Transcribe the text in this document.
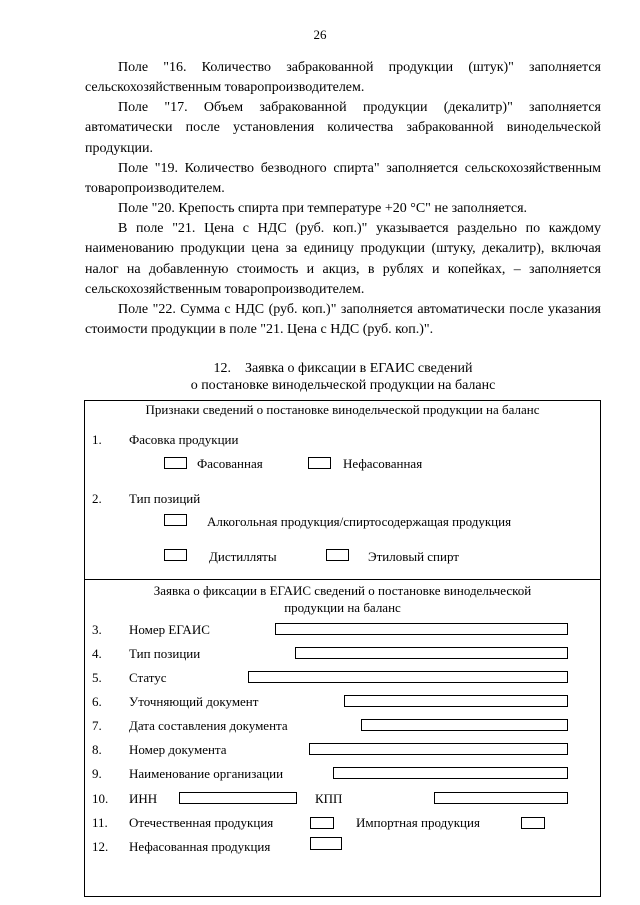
26

Поле "16. Количество забракованной продукции (штук)" заполняется сельскохозяйственным товаропроизводителем.

Поле "17. Объем забракованной продукции (декалитр)" заполняется автоматически после установления количества забракованной винодельческой продукции.

Поле "19. Количество безводного спирта" заполняется сельскохозяйственным товаропроизводителем.

Поле "20. Крепость спирта при температуре +20 °С" не заполняется.

В поле "21. Цена с НДС (руб. коп.)" указывается раздельно по каждому наименованию продукции цена за единицу продукции (штуку, декалитр), включая налог на добавленную стоимость и акциз, в рублях и копейках, – заполняется сельскохозяйственным товаропроизводителем.

Поле "22. Сумма с НДС (руб. коп.)" заполняется автоматически после указания стоимости продукции в поле "21. Цена с НДС (руб. коп.)".

12. Заявка о фиксации в ЕГАИС сведений
о постановке винодельческой продукции на баланс
Признаки сведений о постановке винодельческой продукции на баланс
1. Фасовка продукции
Фасованная	Нефасованная
2. Тип позиций
Алкогольная продукция/спиртосодержащая продукция
Дистилляты	Этиловый спирт
Заявка о фиксации в ЕГАИС сведений о постановке винодельческой
продукции на баланс
3. Номер ЕГАИС
4. Тип позиции
5. Статус
6. Уточняющий документ
7. Дата составления документа
8. Номер документа
9. Наименование организации
10. ИНН	КПП
11. Отечественная продукция	Импортная продукция
12. Нефасованная продукция
